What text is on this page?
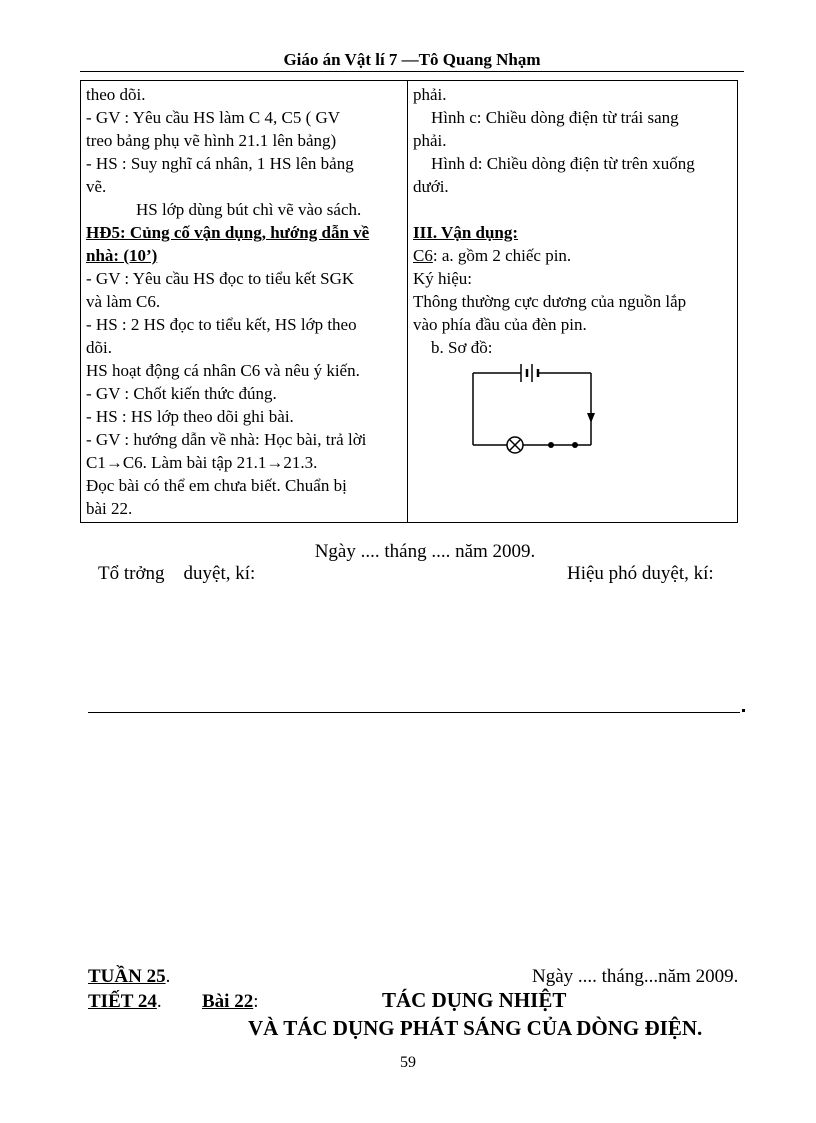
Giáo án Vật lí 7 —Tô Quang Nhạm
theo dõi.
- GV : Yêu cầu HS làm C 4, C5 ( GV
treo bảng phụ vẽ hình 21.1 lên bảng)
- HS : Suy nghĩ cá nhân, 1 HS lên bảng
vẽ.
HS lớp dùng bút chì vẽ vào sách.
HĐ5: Củng cố vận dụng, hướng dẫn về
nhà: (10’)
- GV : Yêu cầu HS đọc to tiểu kết SGK
và làm C6.
- HS : 2 HS đọc to tiểu kết, HS lớp theo
dõi.
HS hoạt động cá nhân C6 và nêu ý kiến.
- GV : Chốt kiến thức đúng.
- HS : HS lớp theo dõi ghi bài.
- GV : hướng dẫn về nhà: Học bài, trả lời
C1→C6. Làm bài tập 21.1→21.3.
Đọc bài có thể em chưa biết. Chuẩn bị
bài 22.

phải.
Hình c: Chiều dòng điện từ trái sang
phải.
Hình d: Chiều dòng điện từ trên xuống
dưới.
III. Vận dụng:
C6: a. gồm 2 chiếc pin.
Ký hiệu:
Thông thường cực dương của nguồn lắp
vào phía đầu của đèn pin.
b. Sơ đồ:
Ngày .... tháng .... năm 2009.
Tổ trởng    duyệt, kí:	Hiệu phó duyệt, kí:
TUẦN 25.	Ngày .... tháng...năm 2009.
TIẾT 24. Bài 22:	TÁC DỤNG NHIỆT
VÀ TÁC DỤNG PHÁT SÁNG CỦA DÒNG ĐIỆN.
59
